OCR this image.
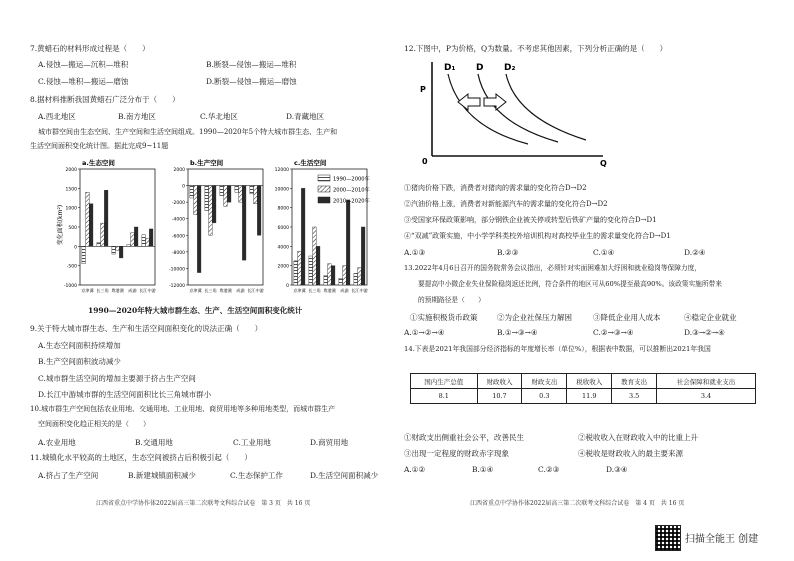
7.黄蜡石的材料形成过程是（　　）
A.侵蚀—搬运—沉积—堆积	B.断裂—侵蚀—搬运—堆积
C.侵蚀—堆积—搬运—磨蚀	D.断裂—侵蚀—搬运—磨蚀
8.据材料推断我国黄蜡石广泛分布于（　　）
A.西北地区	B.南方地区	C.华北地区	D.青藏地区
城市群空间由生态空间、生产空间和生活空间组成。1990—2020年5个特大城市群生态、生产和
生活空间面积变化统计图。据此完成9~11题
a.生态空间
2000
1500
1000
500
0
-500
-1000
京津冀 长三角 粤港澳 成渝 长江中游
b.生产空间
2000
0
-2000
-4000
-6000
-8000
-10000
-12000
京津冀 长三角 粤港澳 成渝 长江中游
c.生活空间
12000
10000
8000
6000
4000
2000
0
京津冀 长三角 粤港澳 成渝 长江中游
变化面积(km²)
1990—2000年
2000—2010年
2010—2020年
1990—2020年特大城市群生态、生产、生活空间面积变化统计
9.关于特大城市群生态、生产和生活空间面积变化的说法正确（　　）
A.生态空间面积持续增加
B.生产空间面积波动减少
C.城市群生活空间的增加主要源于挤占生产空间
D.长江中游城市群的生活空间面积比长三角城市群小
10.城市群生产空间包括农业用地、交通用地、工业用地、商贸用地等多种用地类型，而城市群生产
空间面积变化趋正相关的是（　　）
A.农业用地	B.交通用地	C.工业用地	D.商贸用地
11.城镇化水平较高的土地区，生态空间被挤占后积极引起（　　）
A.挤占了生产空间	B.新建城镇面积减少	C.生态保护工作	D.生活空间面积减少
江西省重点中学协作体2022届高三第二次联考文科综合试卷　第 3 页　共 16 页
12.下图中，P为价格，Q为数量。不考虑其他因素，下列分析正确的是（　　）
P
Q
0
D₁ D D₂
①猪肉价格下跌，消费者对猪肉的需求量的变化符合D→D2
②汽油价格上涨，消费者对新能源汽车的需求量的变化符合D→D2
③受国家环保政策影响，部分钢铁企业被关停或转型后铁矿产量的变化符合D→D1
④“双减”政策实施，中小学学科类校外培训机构对高校毕业生的需求量变化符合D→D1
A.①③	B.②③	C.①④	D.②④
13.2022年4月6日召开的国务院常务会议指出，必须针对实面困难加大纾困和就业稳岗等保障力度，
要提高中小微企业失业保险稳岗返还比例，符合条件的地区可从60%提至最高90%。该政策实施所带来
的预期路径是（　　）
①实施积极货币政策	②为企业社保压力解困	③降低企业用人成本	④稳定企业就业
A.①→②→④	B.①→③→④	C.②→③→④	D.③→②→④
14.下表是2021年我国部分经济指标的年度增长率（单位%），根据表中数据，可以推断出2021年我国
国内生产总值	财政收入	财政支出	税收收入	教育支出	社会保障和就业支出
8.1	10.7	0.3	11.9	3.5	3.4
①财政支出侧重社会公平，改善民生	②税收收入在财政收入中的比重上升
③出现一定程度的财政赤字现象	④税收是财政收入的最主要来源
A.①②	B.①④	C.②③	D.③④
江西省重点中学协作体2022届高三第二次联考文科综合试卷　第 4 页　共 16 页
扫描全能王 创建
